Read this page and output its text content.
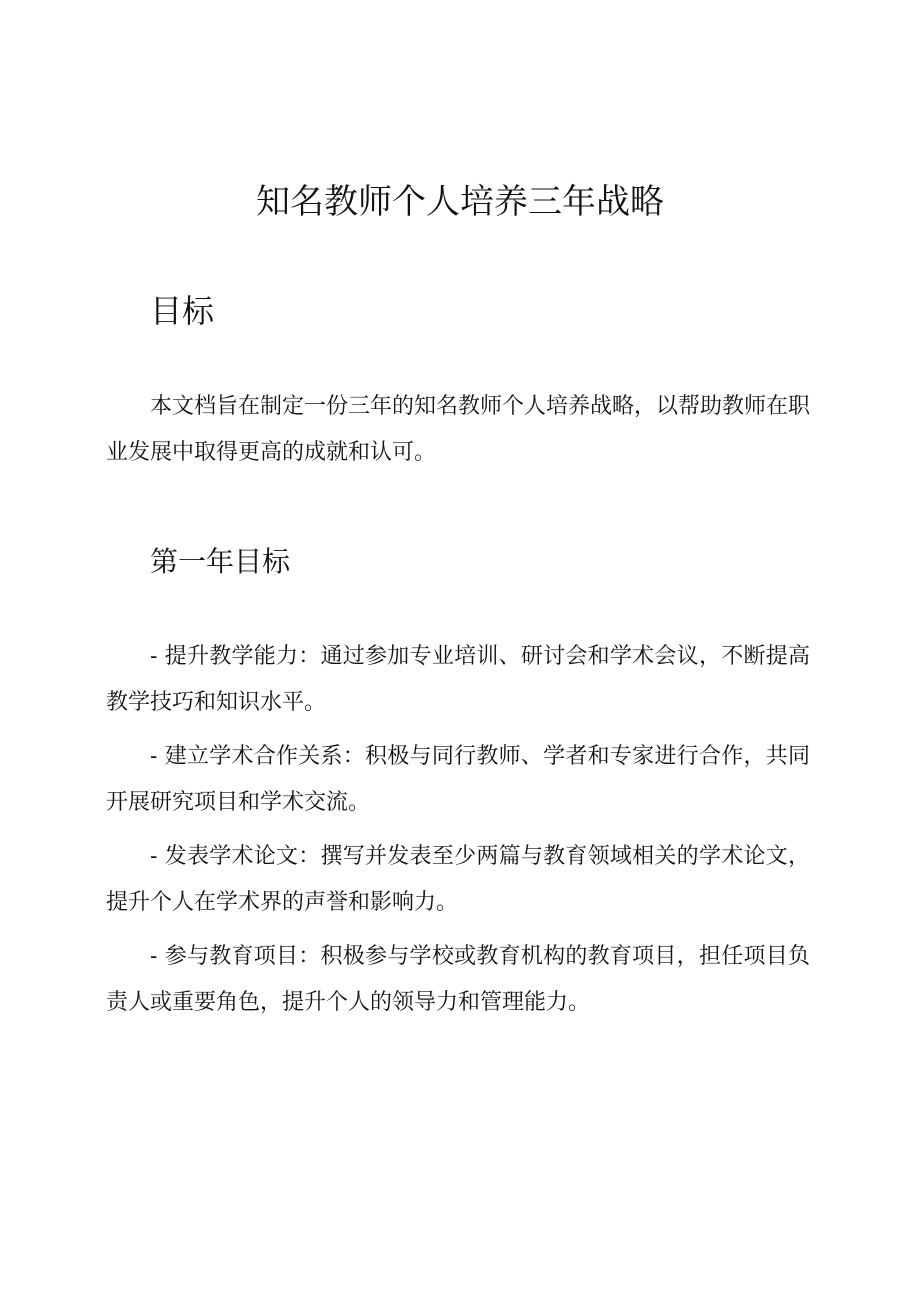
知名教师个人培养三年战略
目标

本文档旨在制定一份三年的知名教师个人培养战略，以帮助教师在职业发展中取得更高的成就和认可。

第一年目标
- 提升教学能力：通过参加专业培训、研讨会和学术会议，不断提高教学技巧和知识水平。
- 建立学术合作关系：积极与同行教师、学者和专家进行合作，共同开展研究项目和学术交流。
- 发表学术论文：撰写并发表至少两篇与教育领域相关的学术论文，提升个人在学术界的声誉和影响力。
- 参与教育项目：积极参与学校或教育机构的教育项目，担任项目负责人或重要角色，提升个人的领导力和管理能力。
